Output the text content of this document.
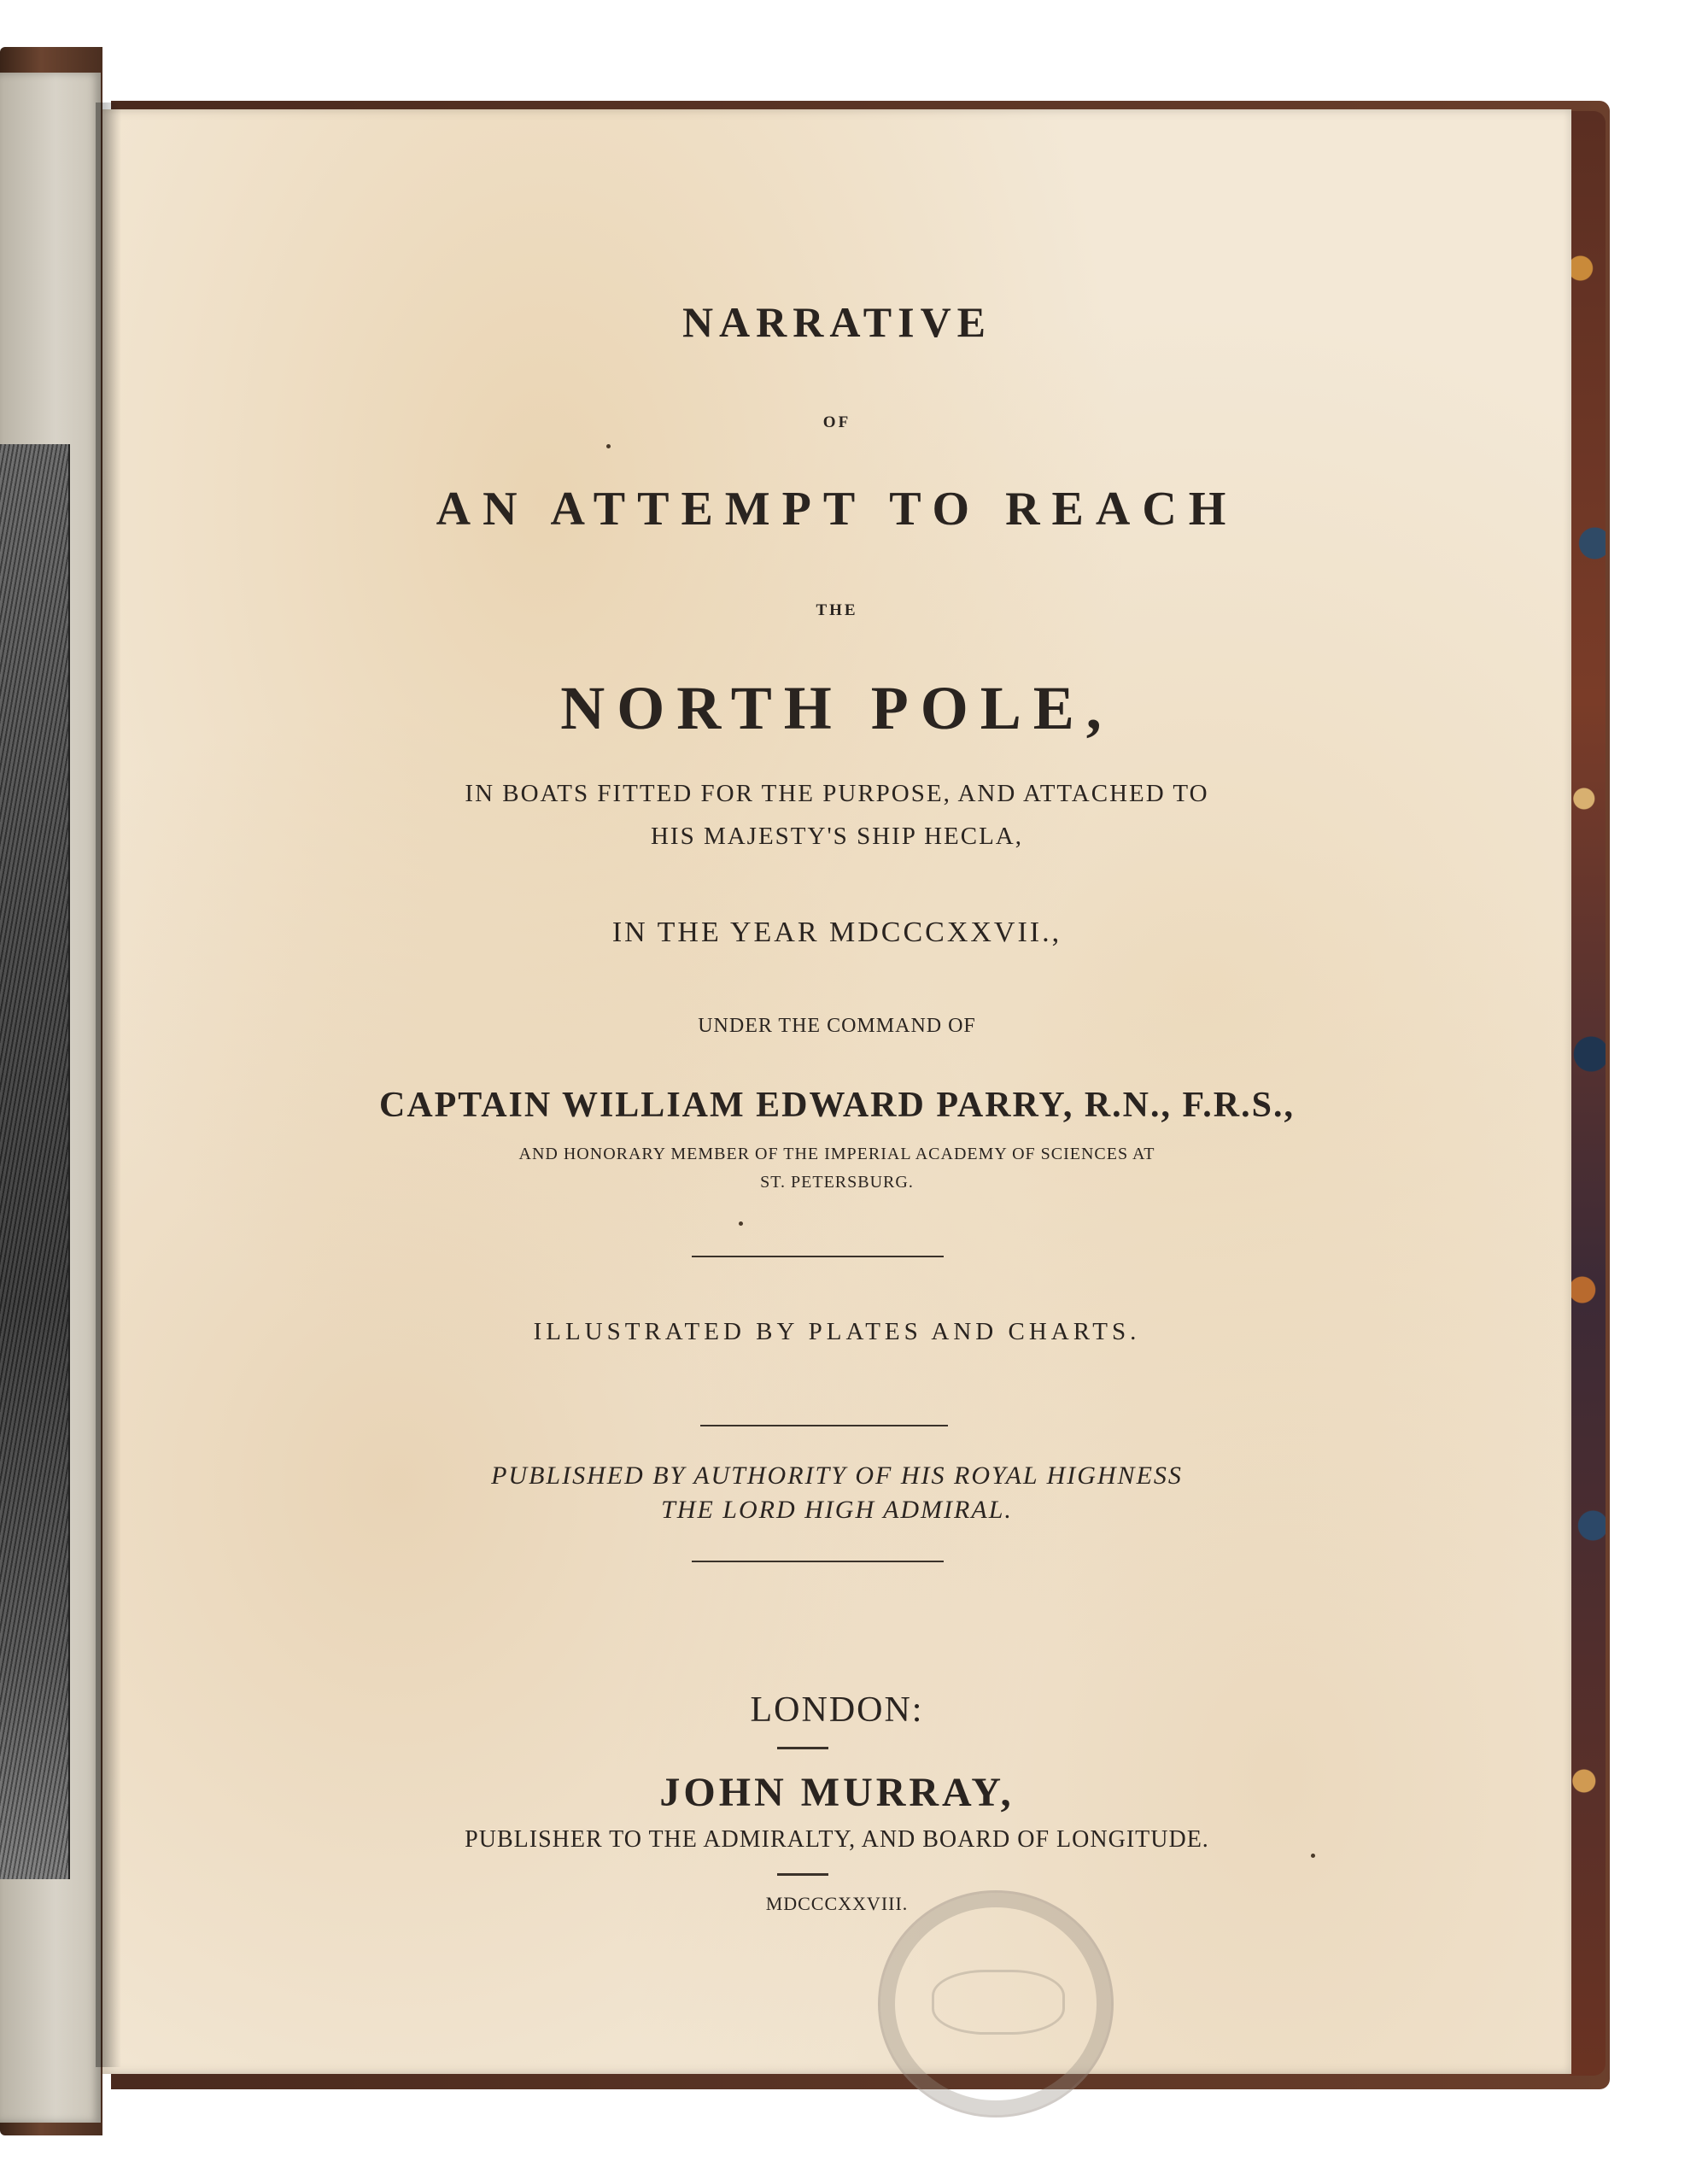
NARRATIVE
OF
AN ATTEMPT TO REACH
THE
NORTH POLE,
IN BOATS FITTED FOR THE PURPOSE, AND ATTACHED TO
HIS MAJESTY'S SHIP HECLA,
IN THE YEAR MDCCCXXVII.,
UNDER THE COMMAND OF
CAPTAIN WILLIAM EDWARD PARRY, R.N., F.R.S.,
AND HONORARY MEMBER OF THE IMPERIAL ACADEMY OF SCIENCES AT
ST. PETERSBURG.
ILLUSTRATED BY PLATES AND CHARTS.
PUBLISHED BY AUTHORITY OF HIS ROYAL HIGHNESS
THE LORD HIGH ADMIRAL.
LONDON:
JOHN MURRAY,
PUBLISHER TO THE ADMIRALTY, AND BOARD OF LONGITUDE.
MDCCCXXVIII.
